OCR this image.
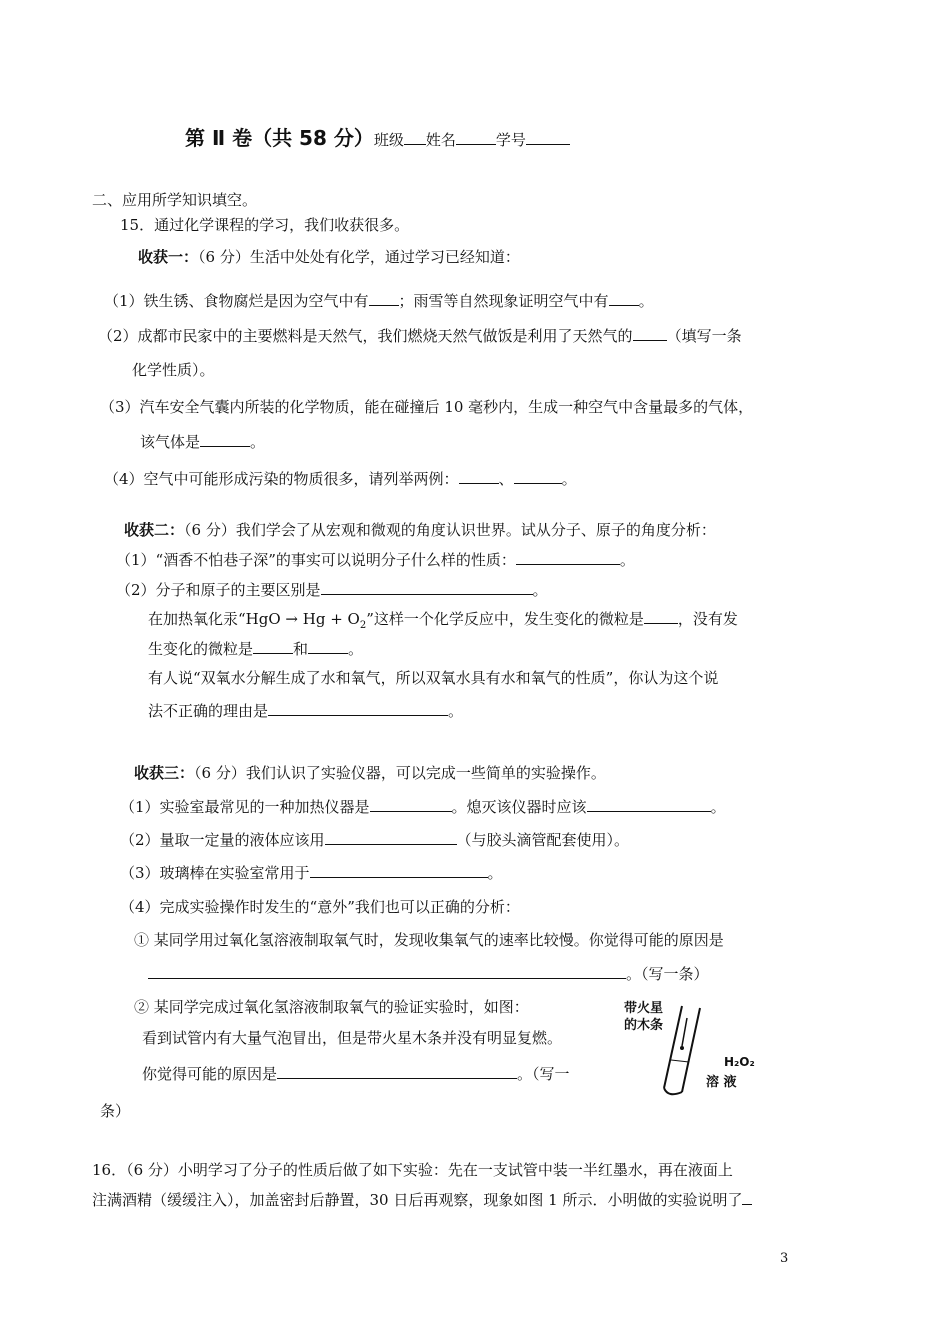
第 Ⅱ 卷（共 58 分）班级 姓名	学号
二、应用所学知识填空。
15．通过化学课程的学习，我们收获很多。
收获一：（6 分）生活中处处有化学，通过学习已经知道：
（1）铁生锈、食物腐烂是因为空气中有 ；雨雪等自然现象证明空气中有 。
（2）成都市民家中的主要燃料是天然气，我们燃烧天然气做饭是利用了天然气的 （填写一条
化学性质）。
（3）汽车安全气囊内所装的化学物质，能在碰撞后 10 毫秒内，生成一种空气中含量最多的气体，
该气体是	。
（4）空气中可能形成污染的物质很多，请列举两例：	、	。
收获二：（6 分）我们学会了从宏观和微观的角度认识世界。试从分子、原子的角度分析：
（1）“酒香不怕巷子深”的事实可以说明分子什么样的性质：	。
（2）分子和原子的主要区别是	。
在加热氧化汞“HgO → $Hg + O_2$”这样一个化学反应中，发生变化的微粒是 ，没有发
生变化的微粒是	和	。
有人说“双氧水分解生成了水和氧气，所以双氧水具有水和氧气的性质”，你认为这个说
法不正确的理由是	。
收获三：（6 分）我们认识了实验仪器，可以完成一些简单的实验操作。
（1）实验室最常见的一种加热仪器是	。熄灭该仪器时应该	。
（2）量取一定量的液体应该用	（与胶头滴管配套使用）。
（3）玻璃棒在实验室常用于	。
（4）完成实验操作时发生的“意外”我们也可以正确的分析：
① 某同学用过氧化氢溶液制取氧气时，发现收集氧气的速率比较慢。你觉得可能的原因是
。（写一条）
② 某同学完成过氧化氢溶液制取氧气的验证实验时，如图：
看到试管内有大量气泡冒出，但是带火星木条并没有明显复燃。
你觉得可能的原因是	。（写一
条）
带火星
的木条
H₂O₂
溶 液
16．（6 分）小明学习了分子的性质后做了如下实验：先在一支试管中装一半红墨水，再在液面上
注满酒精（缓缓注入），加盖密封后静置，30 日后再观察，现象如图 1 所示．小明做的实验说明了
3
